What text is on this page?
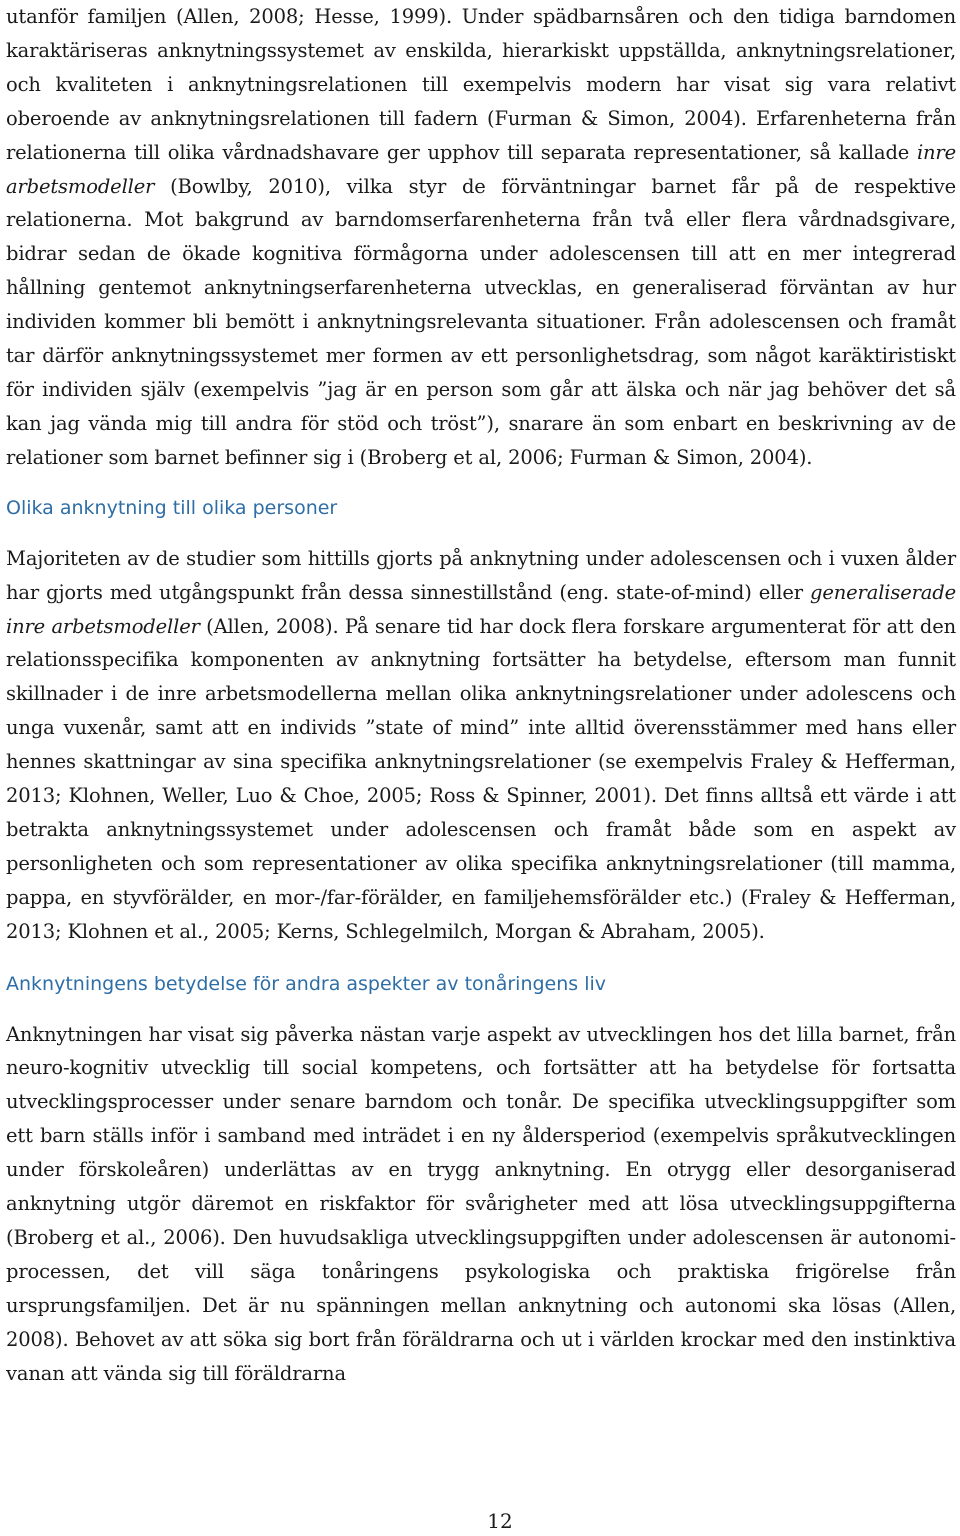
utanför familjen (Allen, 2008; Hesse, 1999). Under spädbarnsåren och den tidiga barndomen karaktäriseras anknytningssystemet av enskilda, hierarkiskt uppställda, anknytningsrelationer, och kvaliteten i anknytningsrelationen till exempelvis modern har visat sig vara relativt oberoende av anknytningsrelationen till fadern (Furman & Simon, 2004). Erfarenheterna från relationerna till olika vårdnadshavare ger upphov till separata representationer, så kallade inre arbetsmodeller (Bowlby, 2010), vilka styr de förväntningar barnet får på de respektive relationerna. Mot bakgrund av barndomserfarenheterna från två eller flera vårdnadsgivare, bidrar sedan de ökade kognitiva förmågorna under adolescensen till att en mer integrerad hållning gentemot anknytningserfarenheterna utvecklas, en generaliserad förväntan av hur individen kommer bli bemött i anknytningsrelevanta situationer. Från adolescensen och framåt tar därför anknytningssystemet mer formen av ett personlighetsdrag, som något karäktiristiskt för individen själv (exempelvis ”jag är en person som går att älska och när jag behöver det så kan jag vända mig till andra för stöd och tröst”), snarare än som enbart en beskrivning av de relationer som barnet befinner sig i (Broberg et al, 2006; Furman & Simon, 2004).

Olika anknytning till olika personer

Majoriteten av de studier som hittills gjorts på anknytning under adolescensen och i vuxen ålder har gjorts med utgångspunkt från dessa sinnestillstånd (eng. state-of-mind) eller generaliserade inre arbetsmodeller (Allen, 2008). På senare tid har dock flera forskare argumenterat för att den relationsspecifika komponenten av anknytning fortsätter ha betydelse, eftersom man funnit skillnader i de inre arbetsmodellerna mellan olika anknytningsrelationer under adolescens och unga vuxenår, samt att en individs ”state of mind” inte alltid överensstämmer med hans eller hennes skattningar av sina specifika anknytningsrelationer (se exempelvis Fraley & Hefferman, 2013; Klohnen, Weller, Luo & Choe, 2005; Ross & Spinner, 2001). Det finns alltså ett värde i att betrakta anknytningssystemet under adolescensen och framåt både som en aspekt av personligheten och som representationer av olika specifika anknytningsrelationer (till mamma, pappa, en styvförälder, en mor-/far-förälder, en familjehemsförälder etc.) (Fraley & Hefferman, 2013; Klohnen et al., 2005; Kerns, Schlegelmilch, Morgan & Abraham, 2005).

Anknytningens betydelse för andra aspekter av tonåringens liv

Anknytningen har visat sig påverka nästan varje aspekt av utvecklingen hos det lilla barnet, från neuro-kognitiv utvecklig till social kompetens, och fortsätter att ha betydelse för fortsatta utvecklingsprocesser under senare barndom och tonår. De specifika utvecklingsuppgifter som ett barn ställs inför i samband med inträdet i en ny åldersperiod (exempelvis språkutvecklingen under förskoleåren) underlättas av en trygg anknytning. En otrygg eller desorganiserad anknytning utgör däremot en riskfaktor för svårigheter med att lösa utvecklingsuppgifterna (Broberg et al., 2006). Den huvudsakliga utvecklingsuppgiften under adolescensen är autonomi-processen, det vill säga tonåringens psykologiska och praktiska frigörelse från ursprungsfamiljen. Det är nu spänningen mellan anknytning och autonomi ska lösas (Allen, 2008). Behovet av att söka sig bort från föräldrarna och ut i världen krockar med den instinktiva vanan att vända sig till föräldrarna

12
